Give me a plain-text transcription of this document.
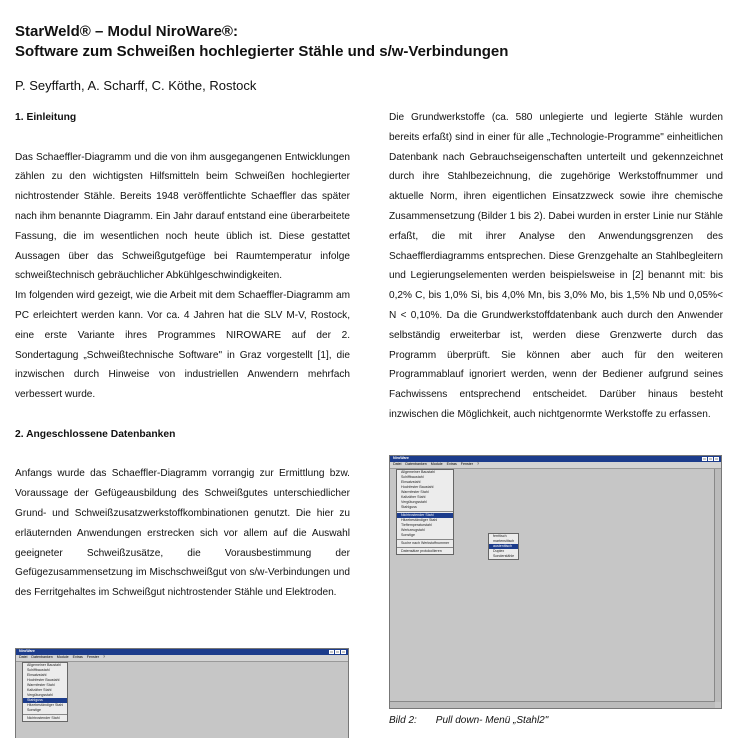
StarWeld® – Modul NiroWare®:
Software zum Schweißen hochlegierter Stähle und s/w-Verbindungen

P. Seyffarth, A. Scharff, C. Köthe, Rostock

1. Einleitung

Das Schaeffler-Diagramm und die von ihm ausgegangenen Entwicklungen zählen zu den wichtigsten Hilfsmitteln beim Schweißen hochlegierter nichtrostender Stähle. Bereits 1948 veröffentlichte Schaeffler das später nach ihm benannte Diagramm. Ein Jahr darauf entstand eine überarbeitete Fassung, die im wesentlichen noch heute üblich ist. Diese gestattet Aussagen über das Schweißgutgefüge bei Raumtemperatur infolge schweißtechnisch gebräuchlicher Abkühlgeschwindigkeiten.

Im folgenden wird gezeigt, wie die Arbeit mit dem Schaeffler-Diagramm am PC erleichtert werden kann. Vor ca. 4 Jahren hat die SLV M-V, Rostock, eine erste Variante ihres Programmes NIROWARE auf der 2. Sondertagung „Schweißtechnische Software" in Graz vorgestellt [1], die inzwischen durch Hinweise von industriellen Anwendern mehrfach verbessert wurde.

2. Angeschlossene Datenbanken

Anfangs wurde das Schaeffler-Diagramm vorrangig zur Ermittlung bzw. Voraussage der Gefügeausbildung des Schweißgutes unterschiedlicher Grund- und Schweißzusatzwerkstoffkombinationen genutzt. Die hier zu erläuternden Anwendungen erstrecken sich vor allem auf die Auswahl geeigneter Schweißzusätze, die Vorausbestimmung der Gefügezusammensetzung im Mischschweißgut von s/w-Verbindungen und des Ferritgehaltes im Schweißgut nichtrostender Stähle und Elektroden.

Die Grundwerkstoffe (ca. 580 unlegierte und legierte Stähle wurden bereits erfaßt) sind in einer für alle „Technologie-Programme" einheitlichen Datenbank nach Gebrauchseigenschaften unterteilt und gekennzeichnet durch ihre Stahlbezeichnung, die zugehörige Werkstoffnummer und aktuelle Norm, ihren eigentlichen Einsatzzweck sowie ihre chemische Zusammensetzung (Bilder 1 bis 2). Dabei wurden in erster Linie nur Stähle erfaßt, die mit ihrer Analyse den Anwendungsgrenzen des Schaefflerdiagramms entsprechen. Diese Grenzgehalte an Stahlbegleitern und Legierungselementen werden beispielsweise in [2] benannt mit: bis 0,2% C, bis 1,0% Si, bis 4,0% Mn, bis 3,0% Mo, bis 1,5% Nb und 0,05%< N < 0,10%. Da die Grundwerkstoffdatenbank auch durch den Anwender selbständig erweiterbar ist, werden diese Grenzwerte durch das Programm überprüft. Sie können aber auch für den weiteren Programmablauf ignoriert werden, wenn der Bediener aufgrund seines Fachwissens entsprechend entscheidet. Darüber hinaus besteht inzwischen die Möglichkeit, auch nichtgenormte Werkstoffe zu erfassen.

NiroWare
Datei Datenbanken Module Extras Fenster ?
Allgemeiner Baustahl
Schiffbaustahl
Einsatzstahl
Hochfester Baustahl
Warmfester Stahl
Kaltzäher Stahl
Vergütungsstahl
Stahlguss
Nichtrostender Stahl
Hitzebeständiger Stahl
Tieftemperaturstahl
Werkzeugstahl
Sonstige
Suche nach Werkstoffnummer
Datensätze protokollieren
ferritisch
martensitisch
austenitisch
Duplex
Sonderstähle

Bild 2: Pull down- Menü „Stahl2"

NiroWare
Datei Datenbanken Module Extras Fenster ?
Allgemeiner Baustahl
Schiffbaustahl
Einsatzstahl
Hochfester Baustahl
Warmfester Stahl
Kaltzäher Stahl
Vergütungsstahl
Stahlguss
Hitzebeständiger Stahl
Sonstige
Nichtrostender Stahl
